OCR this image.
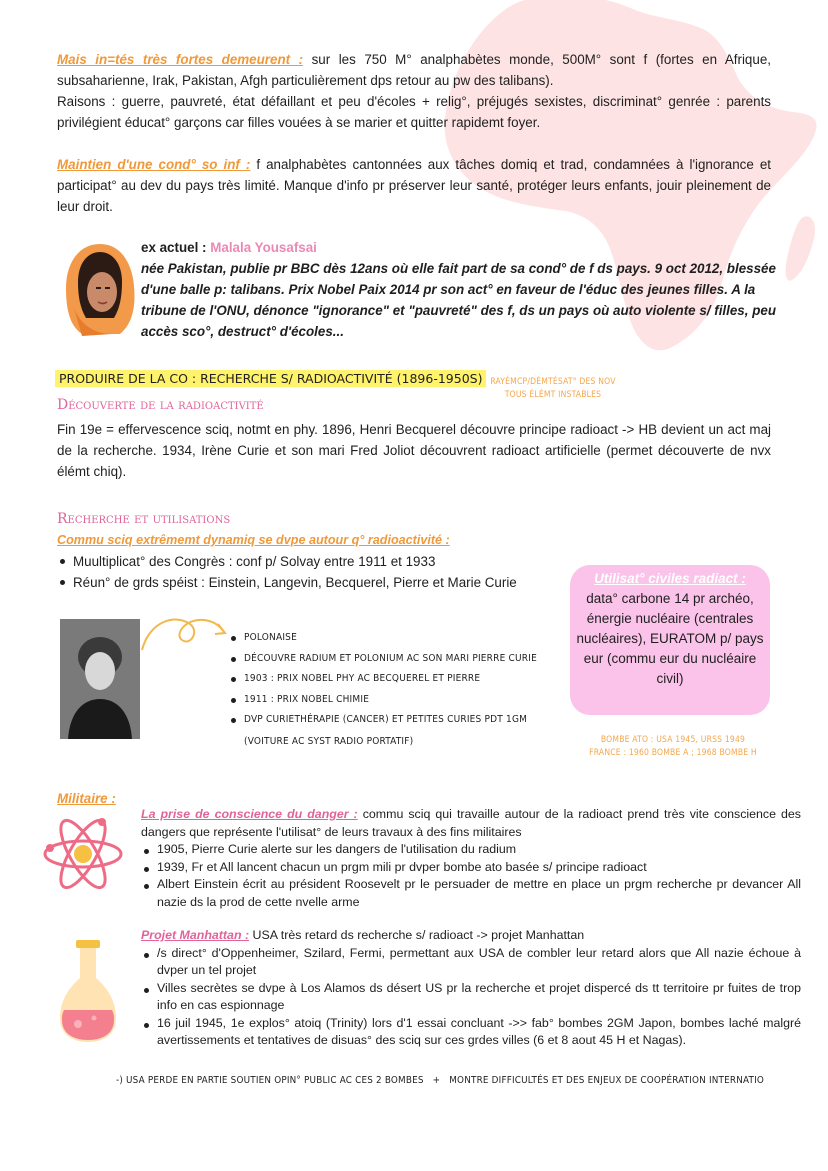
Mais in=tés très fortes demeurent : sur les 750 M° analphabètes monde, 500M° sont f (fortes en Afrique, subsaharienne, Irak, Pakistan, Afgh particulièrement dps retour au pw des talibans).

Raisons : guerre, pauvreté, état défaillant et peu d'écoles + relig°, préjugés sexistes, discriminat° genrée : parents privilégient éducat° garçons car filles vouées à se marier et quitter rapidemt foyer.

Maintien d'une cond° so inf : f analphabètes cantonnées aux tâches domiq et trad, condamnées à l'ignorance et participat° au dev du pays très limité. Manque d'info pr préserver leur santé, protéger leurs enfants, jouir pleinement de leur droit.

ex actuel : Malala Yousafsai

née Pakistan, publie pr BBC dès 12ans où elle fait part de sa cond° de f ds pays. 9 oct 2012, blessée d'une balle p: talibans. Prix Nobel Paix 2014 pr son act° en faveur de l'éduc des jeunes filles. A la tribune de l'ONU, dénonce "ignorance" et "pauvreté" des f, ds un pays où auto violente s/ filles, peu accès sco°, destruct° d'écoles...

PRODUIRE DE LA CO : RECHERCHE S/ RADIOACTIVITÉ (1896-1950S) RAYÉMCP/DÉMTÉSAT° DES NOV
TOUS ÉLÉMT INSTABLES
Découverte de la radioactivité
Fin 19e = effervescence sciq, notmt en phy. 1896, Henri Becquerel découvre principe radioact -> HB devient un act maj de la recherche. 1934, Irène Curie et son mari Fred Joliot découvrent radioact artificielle (permet découverte de nvx élémt chiq).
Recherche et utilisations
Commu sciq extrêmemt dynamiq se dvpe autour q° radioactivité :
Muultiplicat° des Congrès : conf p/ Solvay entre 1911 et 1933
Réun° de grds spéist : Einstein, Langevin, Becquerel, Pierre et Marie Curie	Utilisat° civiles radiact :
data° carbone 14 pr archéo, énergie nucléaire (centrales nucléaires), EURATOM p/ pays eur (commu eur du nucléaire civil)
POLONAISE
DÉCOUVRE RADIUM ET POLONIUM AC SON MARI PIERRE CURIE
1903 : PRIX NOBEL PHY AC BECQUEREL ET PIERRE
1911 : PRIX NOBEL CHIMIE
DVP CURIETHÉRAPIE (CANCER) ET PETITES CURIES PDT 1GM
(VOITURE AC SYST RADIO PORTATIF)	BOMBE ATO : USA 1945, URSS 1949
FRANCE : 1960 BOMBE A ; 1968 BOMBE H
Militaire :

La prise de conscience du danger : commu sciq qui travaille autour de la radioact prend très vite conscience des dangers que représente l'utilisat° de leurs travaux à des fins militaires

1905, Pierre Curie alerte sur les dangers de l'utilisation du radium
1939, Fr et All lancent chacun un prgm mili pr dvper bombe ato basée s/ principe radioact
Albert Einstein écrit au président Roosevelt pr le persuader de mettre en place un prgm recherche pr devancer All nazie ds la prod de cette nvelle arme

Projet Manhattan : USA très retard ds recherche s/ radioact -> projet Manhattan

/s direct° d'Oppenheimer, Szilard, Fermi, permettant aux USA de combler leur retard alors que All nazie échoue à dvper un tel projet
Villes secrètes se dvpe à Los Alamos ds désert US pr la recherche et projet disperсé ds tt territoire pr fuites de trop info en cas espionnage
16 juil 1945, 1e explos° atoiq (Trinity) lors d'1 essai concluant ->> fab° bombes 2GM Japon, bombes laché malgré avertissements et tentatives de disuas° des sciq sur ces grdes villes (6 et 8 aout 45 H et Nagas).
-) USA PERDE EN PARTIE SOUTIEN OPIN° PUBLIC AC CES 2 BOMBES   +   MONTRE DIFFICULTÉS ET DES ENJEUX DE COOPÉRATION INTERNATIO
